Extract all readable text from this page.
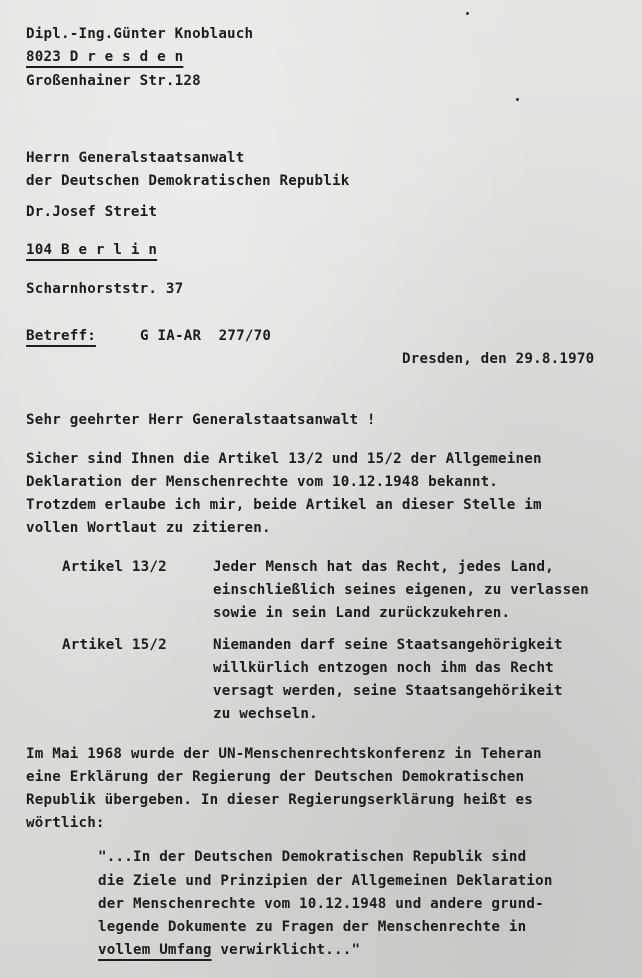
Dipl.-Ing.Günter Knoblauch
8023 D r e s d e n
Großenhainer Str.128
Herrn Generalstaatsanwalt
der Deutschen Demokratischen Republik
Dr.Josef Streit
104 B e r l i n
Scharnhorststr. 37
Betreff:	G IA-AR  277/70
Dresden, den 29.8.1970
Sehr geehrter Herr Generalstaatsanwalt !
Sicher sind Ihnen die Artikel 13/2 und 15/2 der Allgemeinen
Deklaration der Menschenrechte vom 10.12.1948 bekannt.
Trotzdem erlaube ich mir, beide Artikel an dieser Stelle im
vollen Wortlaut zu zitieren.
Artikel 13/2	Jeder Mensch hat das Recht, jedes Land,
einschließlich seines eigenen, zu verlassen
sowie in sein Land zurückzukehren.
Artikel 15/2	Niemanden darf seine Staatsangehörigkeit
willkürlich entzogen noch ihm das Recht
versagt werden, seine Staatsangehörikeit
zu wechseln.
Im Mai 1968 wurde der UN-Menschenrechtskonferenz in Teheran
eine Erklärung der Regierung der Deutschen Demokratischen
Republik übergeben. In dieser Regierungserklärung heißt es
wörtlich:
"...In der Deutschen Demokratischen Republik sind
die Ziele und Prinzipien der Allgemeinen Deklaration
der Menschenrechte vom 10.12.1948 und andere grund-
legende Dokumente zu Fragen der Menschenrechte in
vollem Umfang verwirklicht..."
